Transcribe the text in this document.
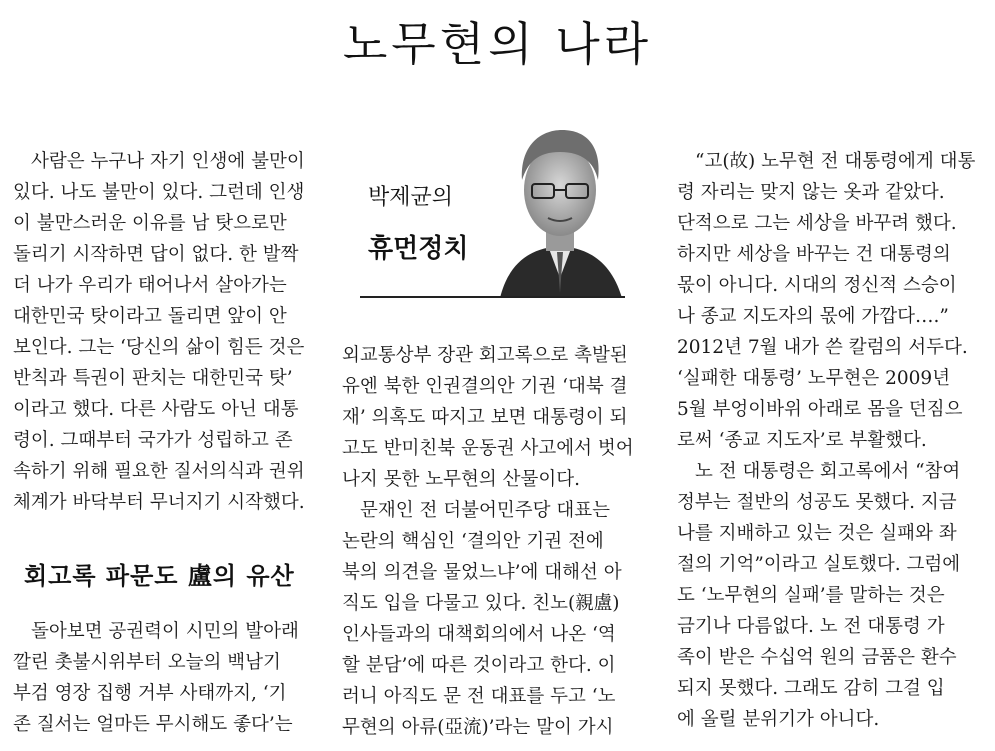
노무현의 나라
박제균의
휴먼정치
사람은 누구나 자기 인생에 불만이
있다. 나도 불만이 있다. 그런데 인생
이 불만스러운 이유를 남 탓으로만
돌리기 시작하면 답이 없다. 한 발짝
더 나가 우리가 태어나서 살아가는
대한민국 탓이라고 돌리면 앞이 안
보인다. 그는 ‘당신의 삶이 힘든 것은
반칙과 특권이 판치는 대한민국 탓’
이라고 했다. 다른 사람도 아닌 대통
령이. 그때부터 국가가 성립하고 존
속하기 위해 필요한 질서의식과 권위
체계가 바닥부터 무너지기 시작했다.
회고록 파문도 盧의 유산
돌아보면 공권력이 시민의 발아래
깔린 촛불시위부터 오늘의 백남기
부검 영장 집행 거부 사태까지, ‘기
존 질서는 얼마든 무시해도 좋다’는
외교통상부 장관 회고록으로 촉발된
유엔 북한 인권결의안 기권 ‘대북 결
재’ 의혹도 따지고 보면 대통령이 되
고도 반미친북 운동권 사고에서 벗어
나지 못한 노무현의 산물이다.
문재인 전 더불어민주당 대표는
논란의 핵심인 ‘결의안 기권 전에
북의 의견을 물었느냐’에 대해선 아
직도 입을 다물고 있다. 친노(親盧)
인사들과의 대책회의에서 나온 ‘역
할 분담’에 따른 것이라고 한다. 이
러니 아직도 문 전 대표를 두고 ‘노
무현의 아류(亞流)’라는 말이 가시
“고(故) 노무현 전 대통령에게 대통
령 자리는 맞지 않는 옷과 같았다.
단적으로 그는 세상을 바꾸려 했다.
하지만 세상을 바꾸는 건 대통령의
몫이 아니다. 시대의 정신적 스승이
나 종교 지도자의 몫에 가깝다….”
2012년 7월 내가 쓴 칼럼의 서두다.
‘실패한 대통령’ 노무현은 2009년
5월 부엉이바위 아래로 몸을 던짐으
로써 ‘종교 지도자’로 부활했다.
노 전 대통령은 회고록에서 “참여
정부는 절반의 성공도 못했다. 지금
나를 지배하고 있는 것은 실패와 좌
절의 기억”이라고 실토했다. 그럼에
도 ‘노무현의 실패’를 말하는 것은
금기나 다름없다. 노 전 대통령 가
족이 받은 수십억 원의 금품은 환수
되지 못했다. 그래도 감히 그걸 입
에 올릴 분위기가 아니다.
